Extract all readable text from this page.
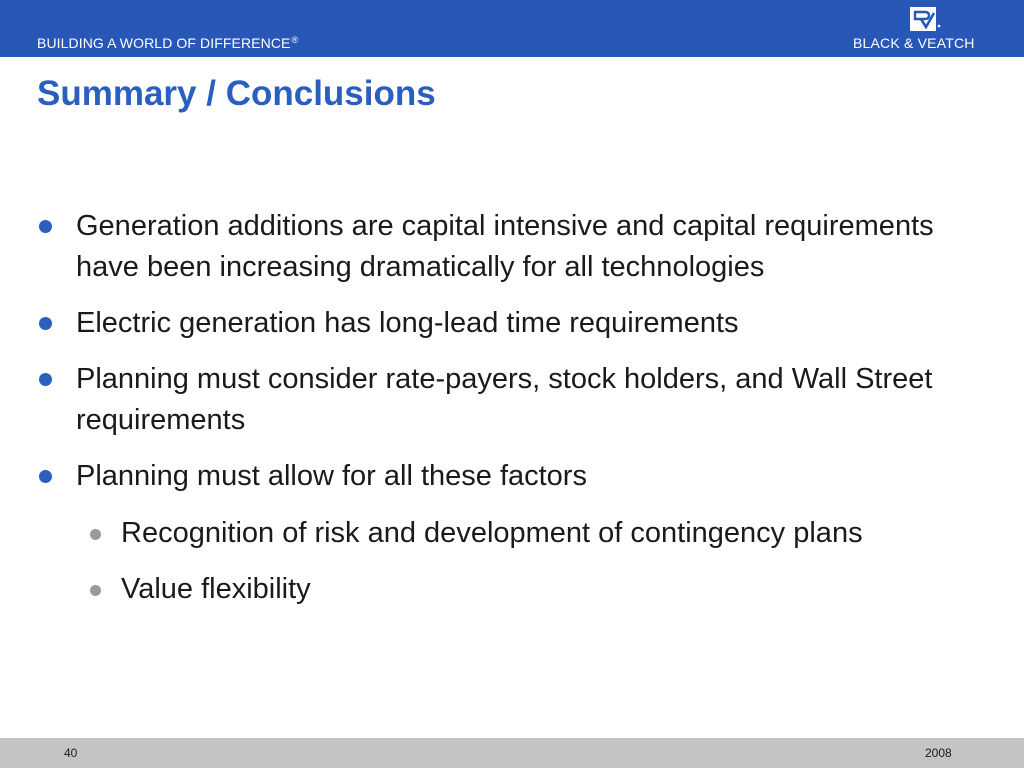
BUILDING A WORLD OF DIFFERENCE®	BLACK & VEATCH
Summary / Conclusions
Generation additions are capital intensive and capital requirements have been increasing dramatically for all technologies
Electric generation has long-lead time requirements
Planning must consider rate-payers, stock holders, and Wall Street requirements
Planning must allow for all these factors
Recognition of risk and development of contingency plans
Value flexibility
40	2008
